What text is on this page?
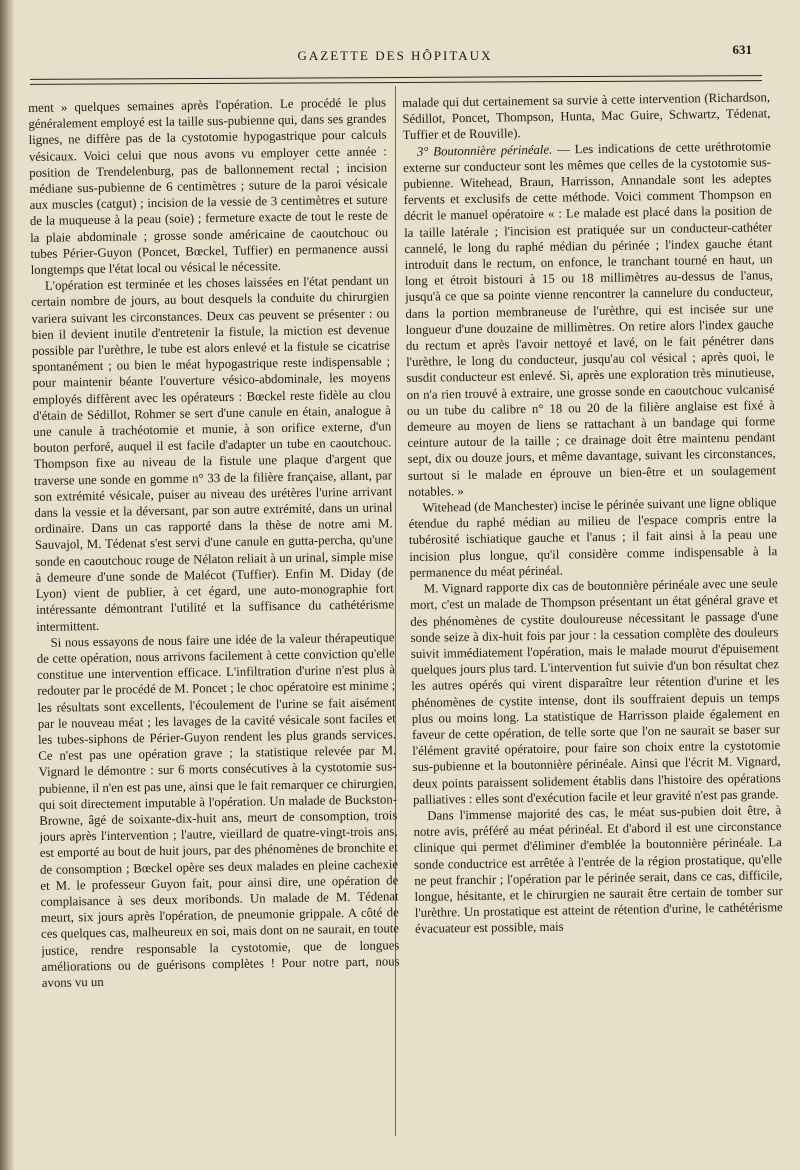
GAZETTE DES HÔPITAUX	631

ment » quelques semaines après l'opération. Le procédé le plus généralement employé est la taille sus-pubienne qui, dans ses grandes lignes, ne diffère pas de la cystotomie hypogastrique pour calculs vésicaux. Voici celui que nous avons vu employer cette année : position de Trendelenburg, pas de ballonnement rectal ; incision médiane sus-pubienne de 6 centimètres ; suture de la paroi vésicale aux muscles (catgut) ; incision de la vessie de 3 centimètres et suture de la muqueuse à la peau (soie) ; fermeture exacte de tout le reste de la plaie abdominale ; grosse sonde américaine de caoutchouc ou tubes Périer-Guyon (Poncet, Bœckel, Tuffier) en permanence aussi longtemps que l'état local ou vésical le nécessite.

L'opération est terminée et les choses laissées en l'état pendant un certain nombre de jours, au bout desquels la conduite du chirurgien variera suivant les circonstances. Deux cas peuvent se présenter : ou bien il devient inutile d'entretenir la fistule, la miction est devenue possible par l'urèthre, le tube est alors enlevé et la fistule se cicatrise spontanément ; ou bien le méat hypogastrique reste indispensable ; pour maintenir béante l'ouverture vésico-abdominale, les moyens employés diffèrent avec les opérateurs : Bœckel reste fidèle au clou d'étain de Sédillot, Rohmer se sert d'une canule en étain, analogue à une canule à trachéotomie et munie, à son orifice externe, d'un bouton perforé, auquel il est facile d'adapter un tube en caoutchouc. Thompson fixe au niveau de la fistule une plaque d'argent que traverse une sonde en gomme n° 33 de la filière française, allant, par son extrémité vésicale, puiser au niveau des urétères l'urine arrivant dans la vessie et la déversant, par son autre extrémité, dans un urinal ordinaire. Dans un cas rapporté dans la thèse de notre ami M. Sauvajol, M. Tédenat s'est servi d'une canule en gutta-percha, qu'une sonde en caoutchouc rouge de Nélaton reliait à un urinal, simple mise à demeure d'une sonde de Malécot (Tuffier). Enfin M. Diday (de Lyon) vient de publier, à cet égard, une auto-monographie fort intéressante démontrant l'utilité et la suffisance du cathétérisme intermittent.

Si nous essayons de nous faire une idée de la valeur thérapeutique de cette opération, nous arrivons facilement à cette conviction qu'elle constitue une intervention efficace. L'infiltration d'urine n'est plus à redouter par le procédé de M. Poncet ; le choc opératoire est minime ; les résultats sont excellents, l'écoulement de l'urine se fait aisément par le nouveau méat ; les lavages de la cavité vésicale sont faciles et les tubes-siphons de Périer-Guyon rendent les plus grands services. Ce n'est pas une opération grave ; la statistique relevée par M. Vignard le démontre : sur 6 morts consécutives à la cystotomie sus-pubienne, il n'en est pas une, ainsi que le fait remarquer ce chirurgien, qui soit directement imputable à l'opération. Un malade de Buckston-Browne, âgé de soixante-dix-huit ans, meurt de consomption, trois jours après l'intervention ; l'autre, vieillard de quatre-vingt-trois ans, est emporté au bout de huit jours, par des phénomènes de bronchite et de consomption ; Bœckel opère ses deux malades en pleine cachexie et M. le professeur Guyon fait, pour ainsi dire, une opération de complaisance à ses deux moribonds. Un malade de M. Tédenat meurt, six jours après l'opération, de pneumonie grippale. A côté de ces quelques cas, malheureux en soi, mais dont on ne saurait, en toute justice, rendre responsable la cystotomie, que de longues améliorations ou de guérisons complètes ! Pour notre part, nous avons vu un

malade qui dut certainement sa survie à cette intervention (Richardson, Sédillot, Poncet, Thompson, Hunta, Mac Guire, Schwartz, Tédenat, Tuffier et de Rouville).

3° Boutonnière périnéale. — Les indications de cette uréthrotomie externe sur conducteur sont les mêmes que celles de la cystotomie sus-pubienne. Witehead, Braun, Harrisson, Annandale sont les adeptes fervents et exclusifs de cette méthode. Voici comment Thompson en décrit le manuel opératoire « : Le malade est placé dans la position de la taille latérale ; l'incision est pratiquée sur un conducteur-cathéter cannelé, le long du raphé médian du périnée ; l'index gauche étant introduit dans le rectum, on enfonce, le tranchant tourné en haut, un long et étroit bistouri à 15 ou 18 millimètres au-dessus de l'anus, jusqu'à ce que sa pointe vienne rencontrer la cannelure du conducteur, dans la portion membraneuse de l'urèthre, qui est incisée sur une longueur d'une douzaine de millimètres. On retire alors l'index gauche du rectum et après l'avoir nettoyé et lavé, on le fait pénétrer dans l'urèthre, le long du conducteur, jusqu'au col vésical ; après quoi, le susdit conducteur est enlevé. Si, après une exploration très minutieuse, on n'a rien trouvé à extraire, une grosse sonde en caoutchouc vulcanisé ou un tube du calibre n° 18 ou 20 de la filière anglaise est fixé à demeure au moyen de liens se rattachant à un bandage qui forme ceinture autour de la taille ; ce drainage doit être maintenu pendant sept, dix ou douze jours, et même davantage, suivant les circonstances, surtout si le malade en éprouve un bien-être et un soulagement notables. »

Witehead (de Manchester) incise le périnée suivant une ligne oblique étendue du raphé médian au milieu de l'espace compris entre la tubérosité ischiatique gauche et l'anus ; il fait ainsi à la peau une incision plus longue, qu'il considère comme indispensable à la permanence du méat périnéal.

M. Vignard rapporte dix cas de boutonnière périnéale avec une seule mort, c'est un malade de Thompson présentant un état général grave et des phénomènes de cystite douloureuse nécessitant le passage d'une sonde seize à dix-huit fois par jour : la cessation complète des douleurs suivit immédiatement l'opération, mais le malade mourut d'épuisement quelques jours plus tard. L'intervention fut suivie d'un bon résultat chez les autres opérés qui virent disparaître leur rétention d'urine et les phénomènes de cystite intense, dont ils souffraient depuis un temps plus ou moins long. La statistique de Harrisson plaide également en faveur de cette opération, de telle sorte que l'on ne saurait se baser sur l'élément gravité opératoire, pour faire son choix entre la cystotomie sus-pubienne et la boutonnière périnéale. Ainsi que l'écrit M. Vignard, deux points paraissent solidement établis dans l'histoire des opérations palliatives : elles sont d'exécution facile et leur gravité n'est pas grande.

Dans l'immense majorité des cas, le méat sus-pubien doit être, à notre avis, préféré au méat périnéal. Et d'abord il est une circonstance clinique qui permet d'éliminer d'emblée la boutonnière périnéale. La sonde conductrice est arrêtée à l'entrée de la région prostatique, qu'elle ne peut franchir ; l'opération par le périnée serait, dans ce cas, difficile, longue, hésitante, et le chirurgien ne saurait être certain de tomber sur l'urèthre. Un prostatique est atteint de rétention d'urine, le cathétérisme évacuateur est possible, mais
